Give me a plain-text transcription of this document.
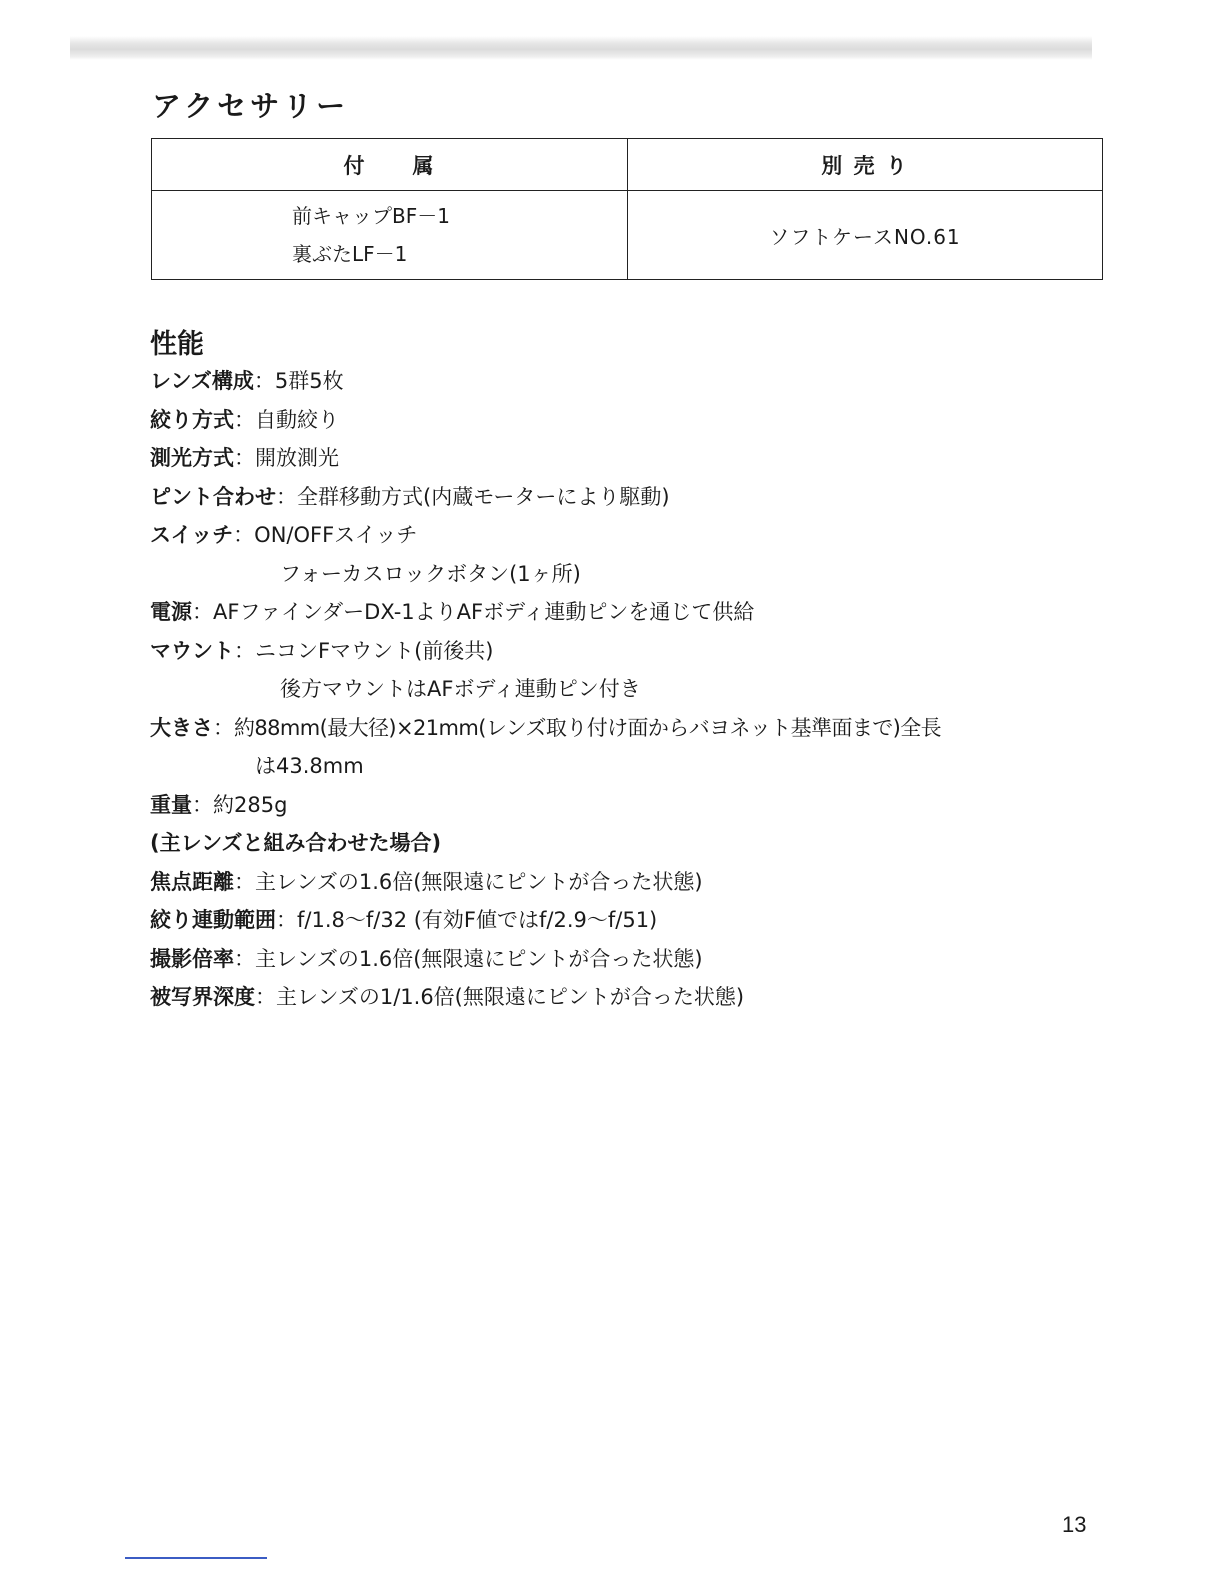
アクセサリー
付　　属	別 売 り

前キャップBF－1
裏ぶたLF－1	ソフトケースNO.61
性能
レンズ構成：5群5枚
絞り方式：自動絞り
測光方式：開放測光
ピント合わせ：全群移動方式(内蔵モーターにより駆動)
スイッチ：ON/OFFスイッチ
フォーカスロックボタン(1ヶ所)
電源：AFファインダーDX-1よりAFボディ連動ピンを通じて供給
マウント：ニコンFマウント(前後共)
後方マウントはAFボディ連動ピン付き
大きさ：約88mm(最大径)×21mm(レンズ取り付け面からバヨネット基準面まで)全長
は43.8mm
重量：約285g
(主レンズと組み合わせた場合)
焦点距離：主レンズの1.6倍(無限遠にピントが合った状態)
絞り連動範囲：f/1.8～f/32 (有効F値ではf/2.9～f/51)
撮影倍率：主レンズの1.6倍(無限遠にピントが合った状態)
被写界深度：主レンズの1/1.6倍(無限遠にピントが合った状態)
13
